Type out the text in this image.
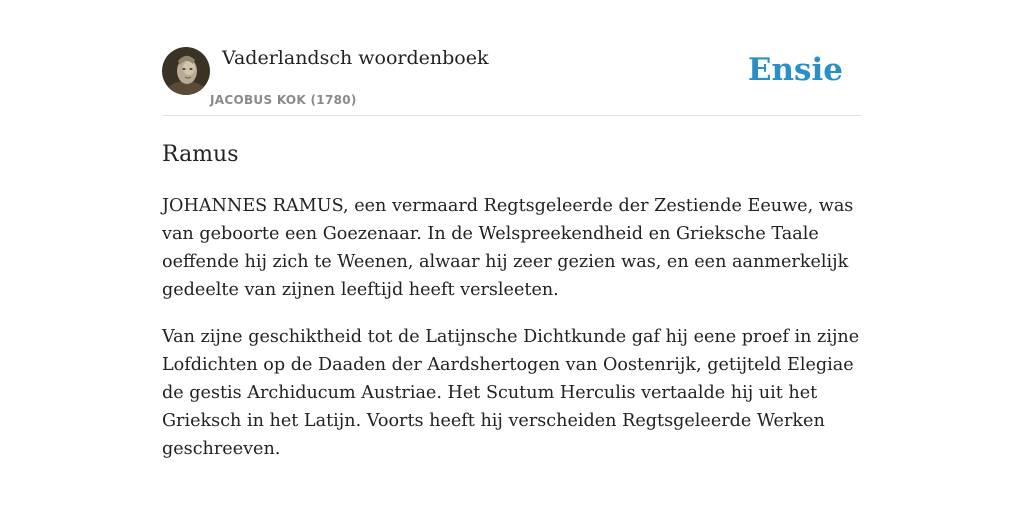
Vaderlandsch woordenboek
JACOBUS KOK (1780)
Ensie
Ramus

JOHANNES RAMUS, een vermaard Regtsgeleerde der Zestiende Eeuwe, was van geboorte een Goezenaar. In de Welspreekendheid en Grieksche Taale oeffende hij zich te Weenen, alwaar hij zeer gezien was, en een aanmerkelijk gedeelte van zijnen leeftijd heeft versleeten.

Van zijne geschiktheid tot de Latijnsche Dichtkunde gaf hij eene proef in zijne Lofdichten op de Daaden der Aardshertogen van Oostenrijk, getijteld Elegiae de gestis Archiducum Austriae. Het Scutum Herculis vertaalde hij uit het Grieksch in het Latijn. Voorts heeft hij verscheiden Regtsgeleerde Werken geschreeven.
